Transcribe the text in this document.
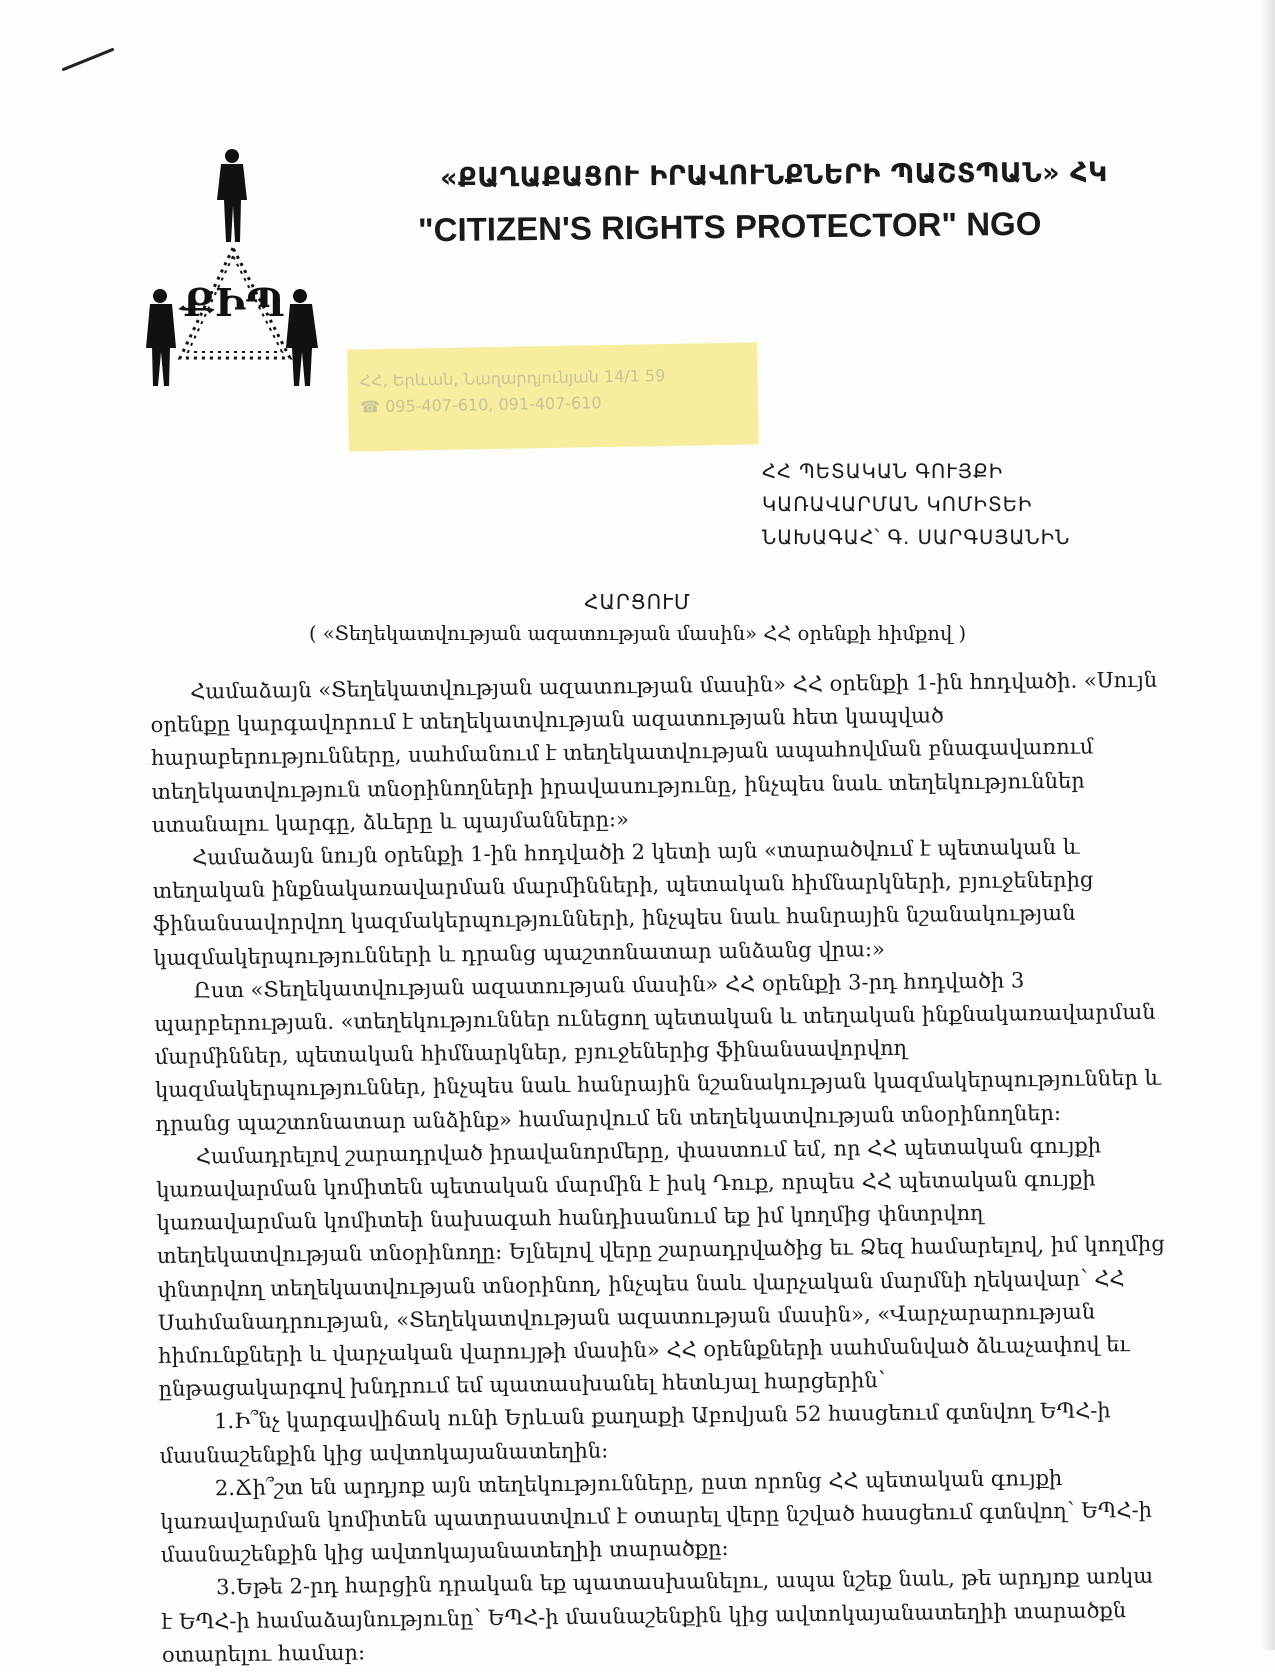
ՔԻՊ
«ՔԱՂԱՔԱՑՈՒ ԻՐԱՎՈՒՆՔՆԵՐԻ ՊԱՇՏՊԱՆ» ՀԿ
"CITIZEN'S RIGHTS PROTECTOR" NGO
ՀՀ, Երևան, Նաղարդյունյան 14/1 59
☎ 095-407-610, 091-407-610
ՀՀ ՊԵՏԱԿԱՆ ԳՈՒՅՔԻ
ԿԱՌԱՎԱՐՄԱՆ ԿՈՄԻՏԵԻ
ՆԱԽԱԳԱՀ՝ Գ. ՍԱՐԳՍՅԱՆԻՆ
ՀԱՐՑՈՒՄ
( «Տեղեկատվության ազատության մասին» ՀՀ օրենքի հիմքով )

Համաձայն «Տեղեկատվության ազատության մասին» ՀՀ օրենքի 1-ին հոդվածի. «Սույն
օրենքը կարգավորում է տեղեկատվության ազատության հետ կապված
հարաբերությունները, սահմանում է տեղեկատվության ապահովման բնագավառում
տեղեկատվություն տնօրինողների իրավասությունը, ինչպես նաև տեղեկություններ
ստանալու կարգը, ձևերը և պայմանները:»

Համաձայն նույն օրենքի 1-ին հոդվածի 2 կետի այն «տարածվում է պետական և
տեղական ինքնակառավարման մարմինների, պետական հիմնարկների, բյուջեներից
ֆինանսավորվող կազմակերպությունների, ինչպես նաև հանրային նշանակության
կազմակերպությունների և դրանց պաշտոնատար անձանց վրա:»

Ըստ «Տեղեկատվության ազատության մասին» ՀՀ օրենքի 3-րդ հոդվածի 3
պարբերության. «տեղեկություններ ունեցող պետական և տեղական ինքնակառավարման
մարմիններ, պետական հիմնարկներ, բյուջեներից ֆինանսավորվող
կազմակերպություններ, ինչպես նաև հանրային նշանակության կազմակերպություններ և
դրանց պաշտոնատար անձինք» համարվում են տեղեկատվության տնօրինողներ:

Համադրելով շարադրված իրավանորմերը, փաստում եմ, որ ՀՀ պետական գույքի
կառավարման կոմիտեն պետական մարմին է իսկ Դուք, որպես ՀՀ պետական գույքի
կառավարման կոմիտեի նախագահ հանդիսանում եք իմ կողմից փնտրվող
տեղեկատվության տնօրինողը: Ելնելով վերը շարադրվածից եւ Ձեզ համարելով, իմ կողմից
փնտրվող տեղեկատվության տնօրինող, ինչպես նաև վարչական մարմնի ղեկավար՝ ՀՀ
Սահմանադրության, «Տեղեկատվության ազատության մասին», «Վարչարարության
հիմունքների և վարչական վարույթի մասին» ՀՀ օրենքների սահմանված ձևաչափով եւ
ընթացակարգով խնդրում եմ պատասխանել հետևյալ հարցերին՝

1.Ի՞նչ կարգավիճակ ունի Երևան քաղաքի Աբովյան 52 հասցեում գտնվող ԵՊՀ-ի
մասնաշենքին կից ավտոկայանատեղին:

2.Ճի՞շտ են արդյոք այն տեղեկությունները, ըստ որոնց ՀՀ պետական գույքի
կառավարման կոմիտեն պատրաստվում է օտարել վերը նշված հասցեում գտնվող՝ ԵՊՀ-ի
մասնաշենքին կից ավտոկայանատեղիի տարածքը:

3.Եթե 2-րդ հարցին դրական եք պատասխանելու, ապա նշեք նաև, թե արդյոք առկա
է ԵՊՀ-ի համաձայնությունը՝ ԵՊՀ-ի մասնաշենքին կից ավտոկայանատեղիի տարածքն
օտարելու համար:
